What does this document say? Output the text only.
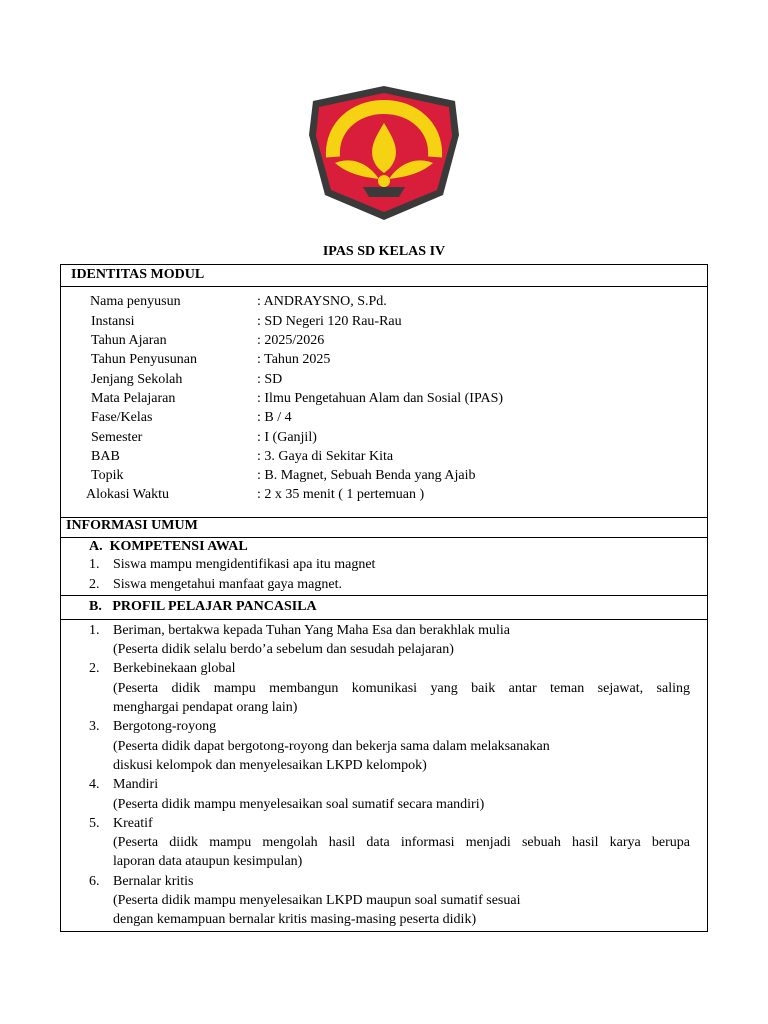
IPAS SD KELAS IV
IDENTITAS MODUL
Nama penyusun	: ANDRAYSNO, S.Pd.
Instansi	: SD Negeri 120 Rau-Rau
Tahun Ajaran	: 2025/2026
Tahun Penyusunan	: Tahun 2025
Jenjang Sekolah	: SD
Mata Pelajaran	: Ilmu Pengetahuan Alam dan Sosial (IPAS)
Fase/Kelas	: B / 4
Semester	: I (Ganjil)
BAB	: 3. Gaya di Sekitar Kita
Topik	: B. Magnet, Sebuah Benda yang Ajaib
Alokasi Waktu	: 2 x 35 menit ( 1 pertemuan )
INFORMASI UMUM
A.  KOMPETENSI AWAL
1. Siswa mampu mengidentifikasi apa itu magnet
2. Siswa mengetahui manfaat gaya magnet.
B.   PROFIL PELAJAR PANCASILA
1. Beriman, bertakwa kepada Tuhan Yang Maha Esa dan berakhlak mulia
(Peserta didik selalu berdo’a sebelum dan sesudah pelajaran)
2. Berkebinekaan global
(Peserta didik mampu membangun komunikasi yang baik antar teman sejawat, saling
menghargai pendapat orang lain)
3. Bergotong-royong
(Peserta didik dapat bergotong-royong dan bekerja sama dalam melaksanakan
diskusi kelompok dan menyelesaikan LKPD kelompok)
4. Mandiri
(Peserta didik mampu menyelesaikan soal sumatif secara mandiri)
5. Kreatif
(Peserta diidk mampu mengolah hasil data informasi menjadi sebuah hasil karya berupa
laporan data ataupun kesimpulan)
6. Bernalar kritis
(Peserta didik mampu menyelesaikan LKPD maupun soal sumatif sesuai
dengan kemampuan bernalar kritis masing-masing peserta didik)
